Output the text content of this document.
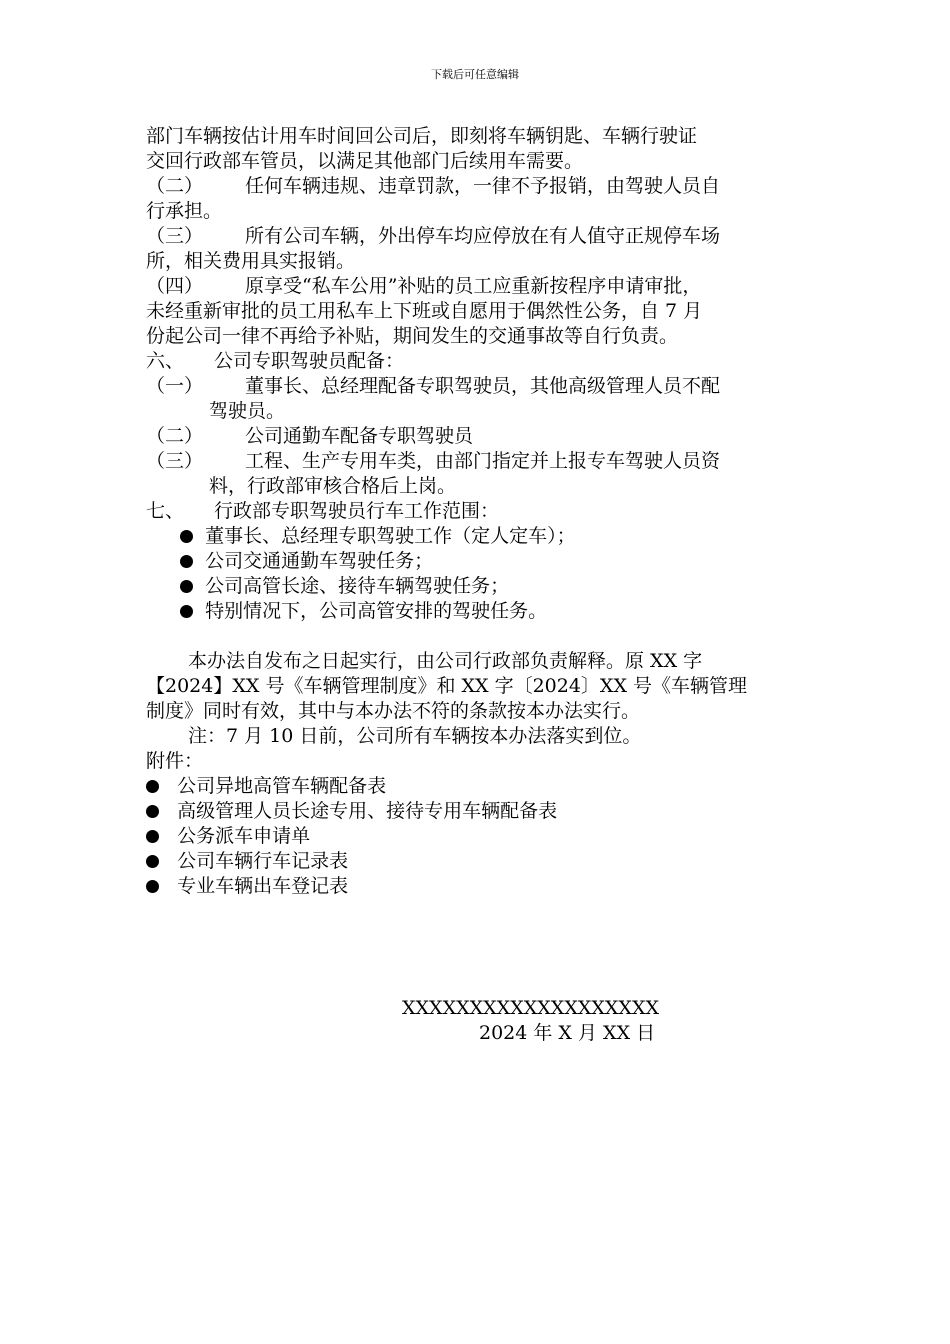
下载后可任意编辑

部门车辆按估计用车时间回公司后，即刻将车辆钥匙、车辆行驶证

交回行政部车管员，以满足其他部门后续用车需要。

（二）	任何车辆违规、违章罚款，一律不予报销，由驾驶人员自
行承担。
（三）	所有公司车辆，外出停车均应停放在有人值守正规停车场
所，相关费用具实报销。
（四）	原享受“私车公用”补贴的员工应重新按程序申请审批，
未经重新审批的员工用私车上下班或自愿用于偶然性公务，自 7 月
份起公司一律不再给予补贴，期间发生的交通事故等自行负责。
六、	公司专职驾驶员配备：
（一）	董事长、总经理配备专职驾驶员，其他高级管理人员不配
驾驶员。
（二）	公司通勤车配备专职驾驶员
（三）	工程、生产专用车类，由部门指定并上报专车驾驶人员资
料，行政部审核合格后上岗。
七、	行政部专职驾驶员行车工作范围：
董事长、总经理专职驾驶工作（定人定车）；
公司交通通勤车驾驶任务；
公司高管长途、接待车辆驾驶任务；
特别情况下，公司高管安排的驾驶任务。

本办法自发布之日起实行，由公司行政部负责解释。原 XX 字

【2024】XX 号《车辆管理制度》和 XX 字〔2024〕XX 号《车辆管理

制度》同时有效，其中与本办法不符的条款按本办法实行。

注：7 月 10 日前，公司所有车辆按本办法落实到位。

附件：

公司异地高管车辆配备表
高级管理人员长途专用、接待专用车辆配备表
公务派车申请单
公司车辆行车记录表
专业车辆出车登记表
XXXXXXXXXXXXXXXXXXX
2024 年 X 月 XX 日
